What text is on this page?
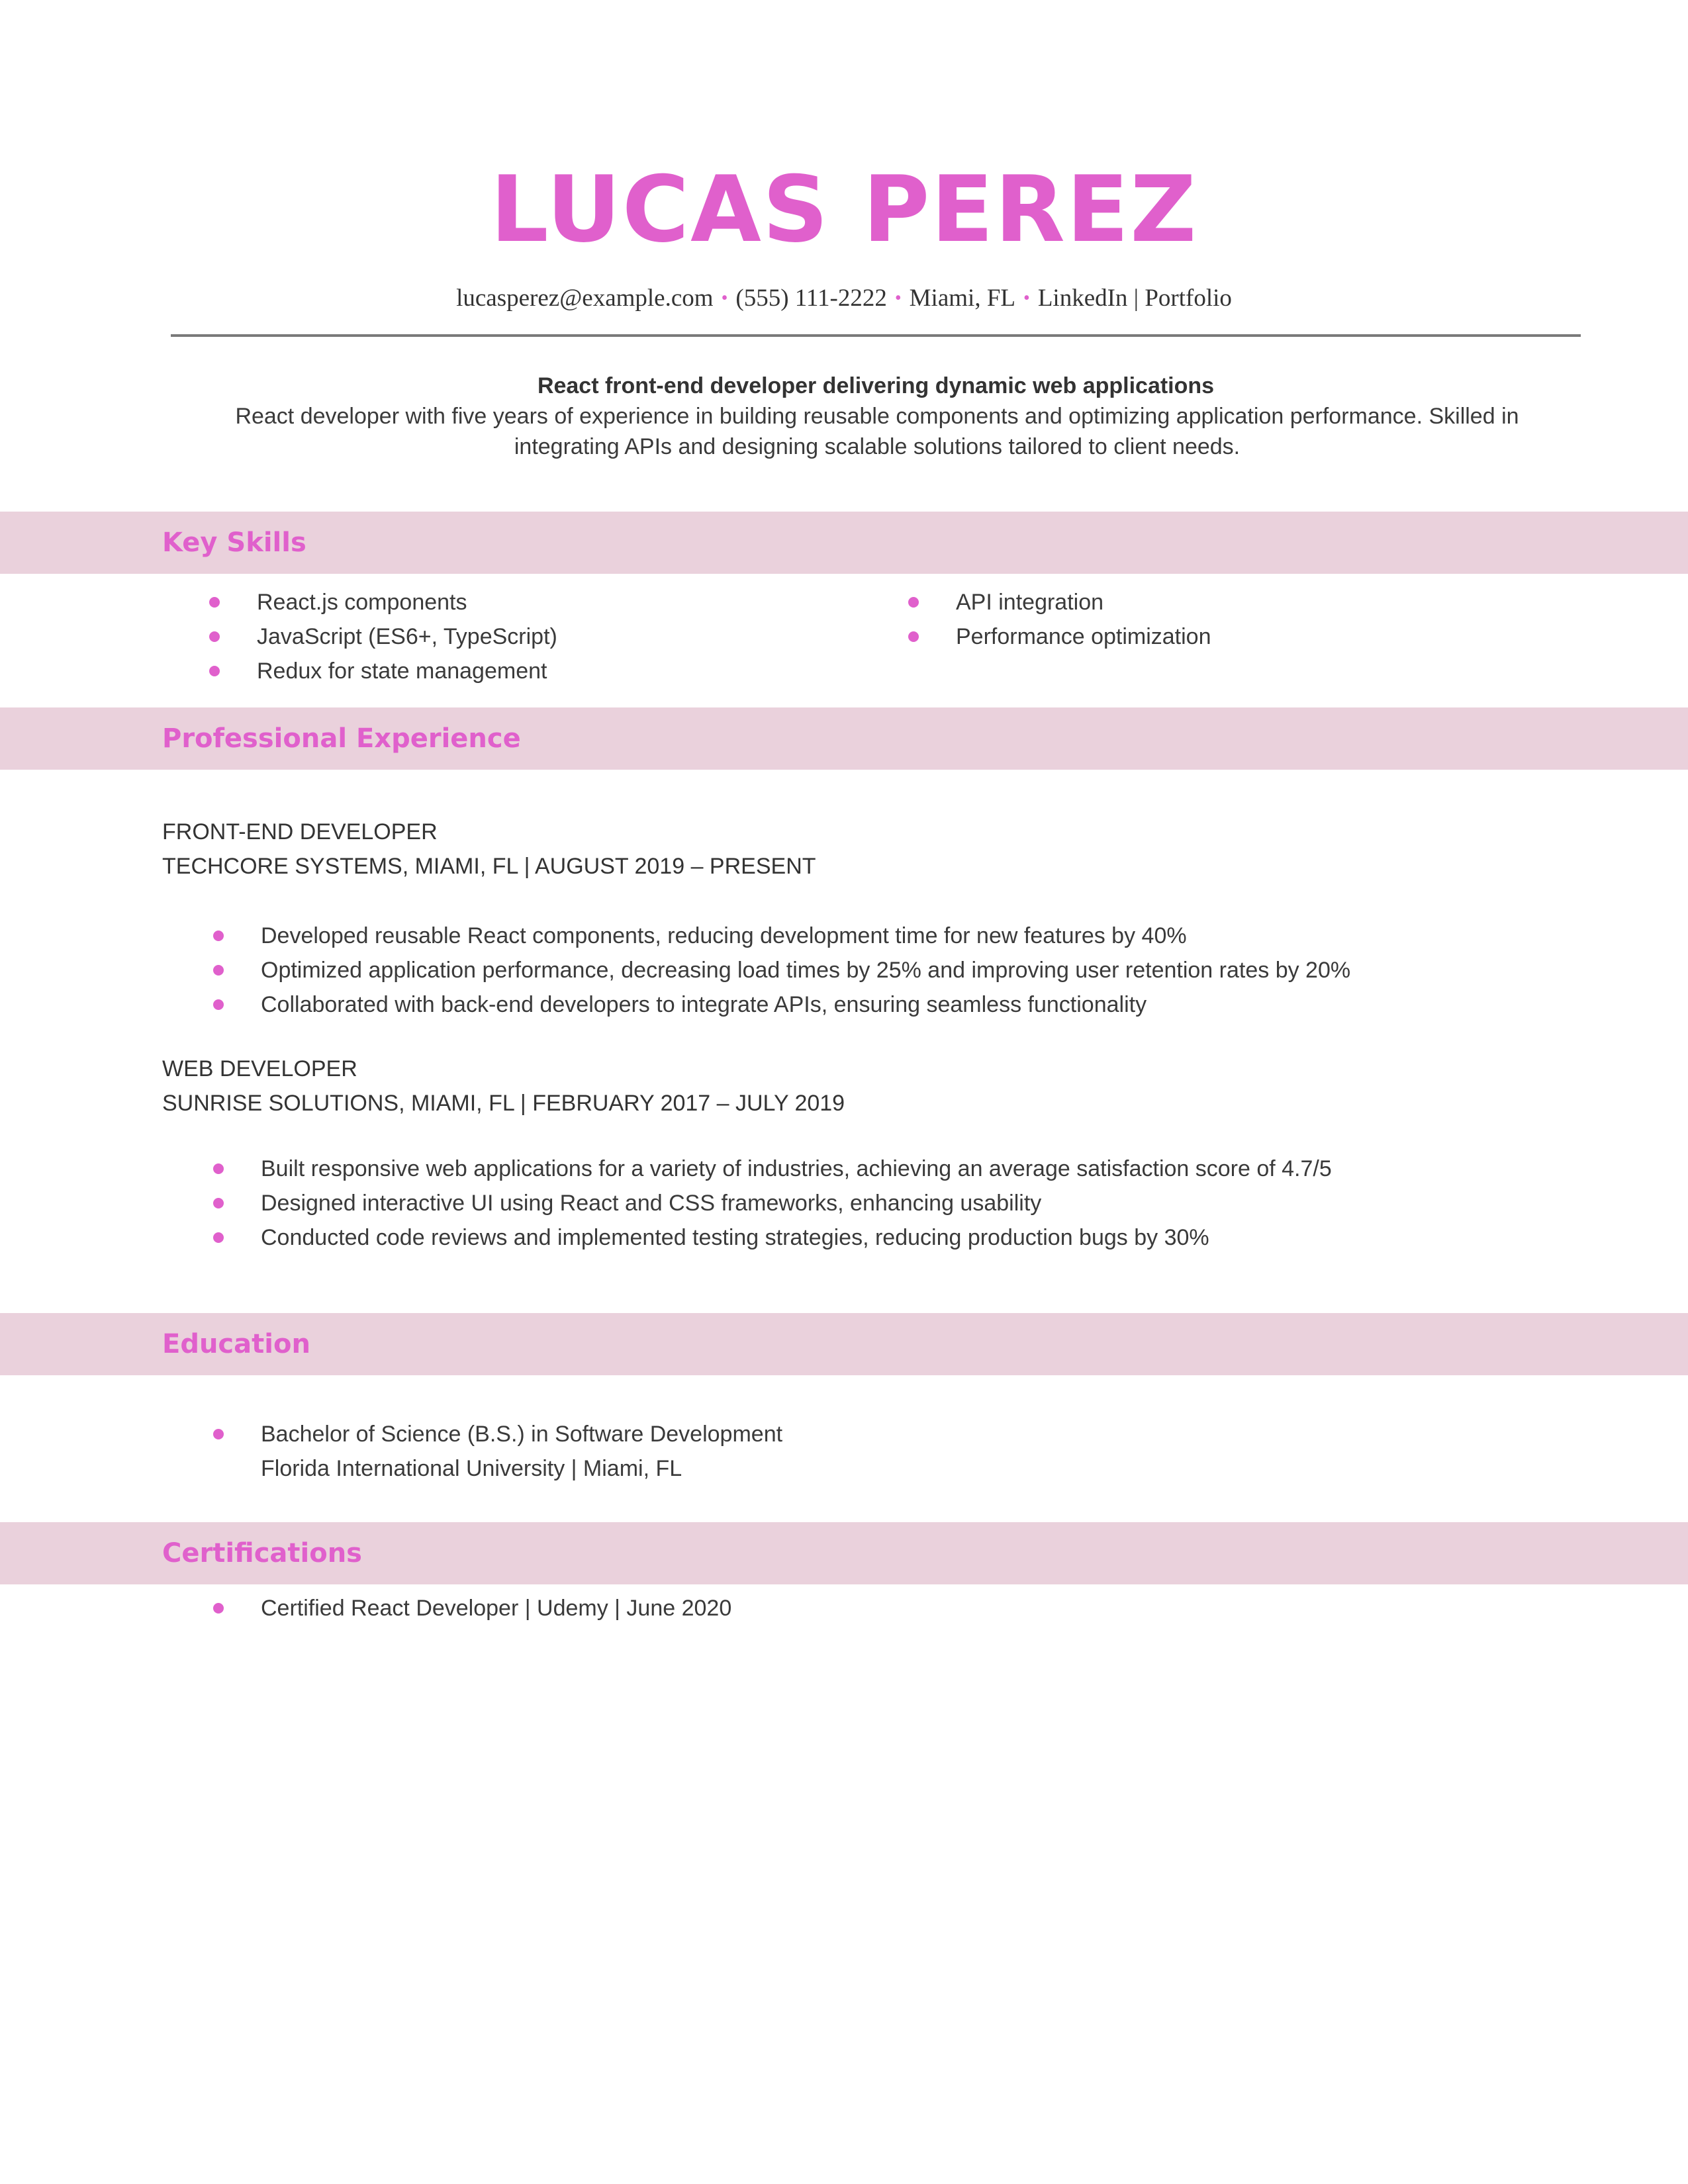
LUCAS PEREZ
lucasperez@example.com • (555) 111-2222 • Miami, FL • LinkedIn | Portfolio
React front-end developer delivering dynamic web applications
React developer with five years of experience in building reusable components and optimizing application performance. Skilled in integrating APIs and designing scalable solutions tailored to client needs.
Key Skills
React.js components
JavaScript (ES6+, TypeScript)
Redux for state management
API integration
Performance optimization
Professional Experience
FRONT-END DEVELOPER
TECHCORE SYSTEMS, MIAMI, FL | AUGUST 2019 – PRESENT
Developed reusable React components, reducing development time for new features by 40%
Optimized application performance, decreasing load times by 25% and improving user retention rates by 20%
Collaborated with back-end developers to integrate APIs, ensuring seamless functionality
WEB DEVELOPER
SUNRISE SOLUTIONS, MIAMI, FL | FEBRUARY 2017 – JULY 2019
Built responsive web applications for a variety of industries, achieving an average satisfaction score of 4.7/5
Designed interactive UI using React and CSS frameworks, enhancing usability
Conducted code reviews and implemented testing strategies, reducing production bugs by 30%
Education
Bachelor of Science (B.S.) in Software Development
Florida International University | Miami, FL
Certifications
Certified React Developer | Udemy | June 2020
